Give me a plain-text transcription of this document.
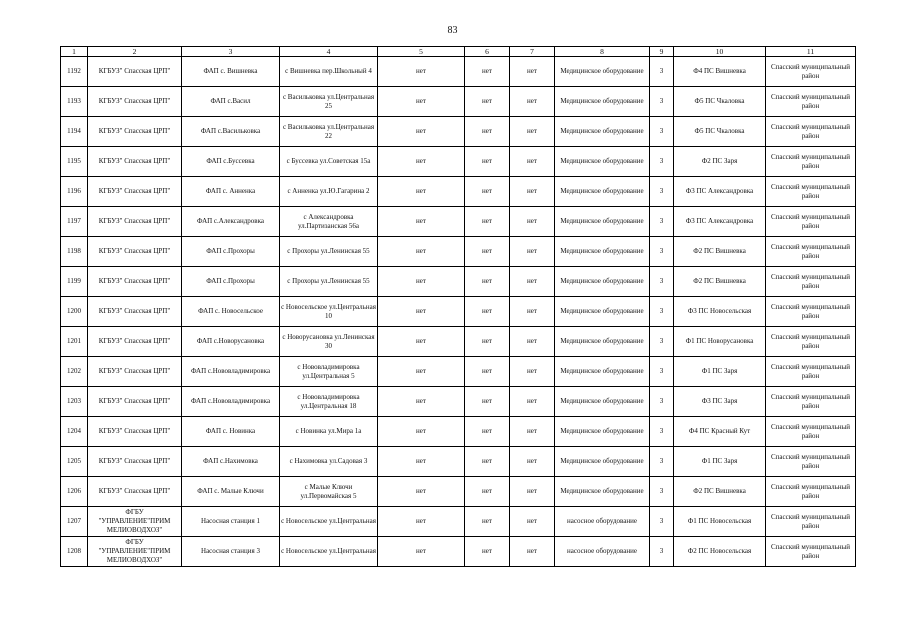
83
1	2	3	4	5	6	7	8	9	10	11
1192	КГБУЗ" Спасская ЦРП"	ФАП с. Вишневка	с Вишневка пер.Школьный 4	нет	нет	нет	Медицинское оборудование	3	Ф4 ПС Вишневка	Спасский муниципальный район
1193	КГБУЗ" Спасская ЦРП"	ФАП с.Васил	с Васильковка ул.Центральная 25	нет	нет	нет	Медицинское оборудование	3	Ф5 ПС Чкаловка	Спасский муниципальный район
1194	КГБУЗ" Спасская ЦРП"	ФАП с.Васильковка	с Васильковка ул.Центральная 22	нет	нет	нет	Медицинское оборудование	3	Ф5 ПС Чкаловка	Спасский муниципальный район
1195	КГБУЗ" Спасская ЦРП"	ФАП с.Буссевка	с Буссевка ул.Советская 15а	нет	нет	нет	Медицинское оборудование	3	Ф2 ПС Заря	Спасский муниципальный район
1196	КГБУЗ" Спасская ЦРП"	ФАП с. Анненка	с Анненка ул.Ю.Гагарина 2	нет	нет	нет	Медицинское оборудование	3	Ф3 ПС Александровка	Спасский муниципальный район
1197	КГБУЗ" Спасская ЦРП"	ФАП с.Александровка	с Александровка ул.Партизанская 56а	нет	нет	нет	Медицинское оборудование	3	Ф3 ПС Александровка	Спасский муниципальный район
1198	КГБУЗ" Спасская ЦРП"	ФАП с.Прохоры	с Прохоры ул.Ленинская 55	нет	нет	нет	Медицинское оборудование	3	Ф2 ПС Вишневка	Спасский муниципальный район
1199	КГБУЗ" Спасская ЦРП"	ФАП с.Прохоры	с Прохоры ул.Ленинская 55	нет	нет	нет	Медицинское оборудование	3	Ф2 ПС Вишневка	Спасский муниципальный район
1200	КГБУЗ" Спасская ЦРП"	ФАП с. Новосельское	с Новосельское ул.Центральная 10	нет	нет	нет	Медицинское оборудование	3	Ф3 ПС Новосельская	Спасский муниципальный район
1201	КГБУЗ" Спасская ЦРП"	ФАП с.Новорусановка	с Новорусановка ул.Ленинская 30	нет	нет	нет	Медицинское оборудование	3	Ф1 ПС Новорусановка	Спасский муниципальный район
1202	КГБУЗ" Спасская ЦРП"	ФАП с.Нововладимировка	с Нововладимировка ул.Центральная 5	нет	нет	нет	Медицинское оборудование	3	Ф1 ПС Заря	Спасский муниципальный район
1203	КГБУЗ" Спасская ЦРП"	ФАП с.Нововладимировка	с Нововладимировка ул.Центральная 18	нет	нет	нет	Медицинское оборудование	3	Ф3 ПС Заря	Спасский муниципальный район
1204	КГБУЗ" Спасская ЦРП"	ФАП с. Новинка	с Новинка ул.Мира 1а	нет	нет	нет	Медицинское оборудование	3	Ф4 ПС Красный Кут	Спасский муниципальный район
1205	КГБУЗ" Спасская ЦРП"	ФАП с.Нахимовка	с Нахимовка ул.Садовая 3	нет	нет	нет	Медицинское оборудование	3	Ф1 ПС Заря	Спасский муниципальный район
1206	КГБУЗ" Спасская ЦРП"	ФАП с. Малые Ключи	с Малые Ключи ул.Первомайская 5	нет	нет	нет	Медицинское оборудование	3	Ф2 ПС Вишневка	Спасский муниципальный район
1207	ФГБУ "УПРАВЛЕНИЕ"ПРИМ МЕЛИОВОДХОЗ"	Насосная станция 1	с Новосельское ул.Центральная	нет	нет	нет	насосное оборудование	3	Ф1 ПС Новосельская	Спасский муниципальный район
1208	ФГБУ "УПРАВЛЕНИЕ"ПРИМ МЕЛИОВОДХОЗ"	Насосная станция 3	с Новосельское ул.Центральная	нет	нет	нет	насосное оборудование	3	Ф2 ПС Новосельская	Спасский муниципальный район
